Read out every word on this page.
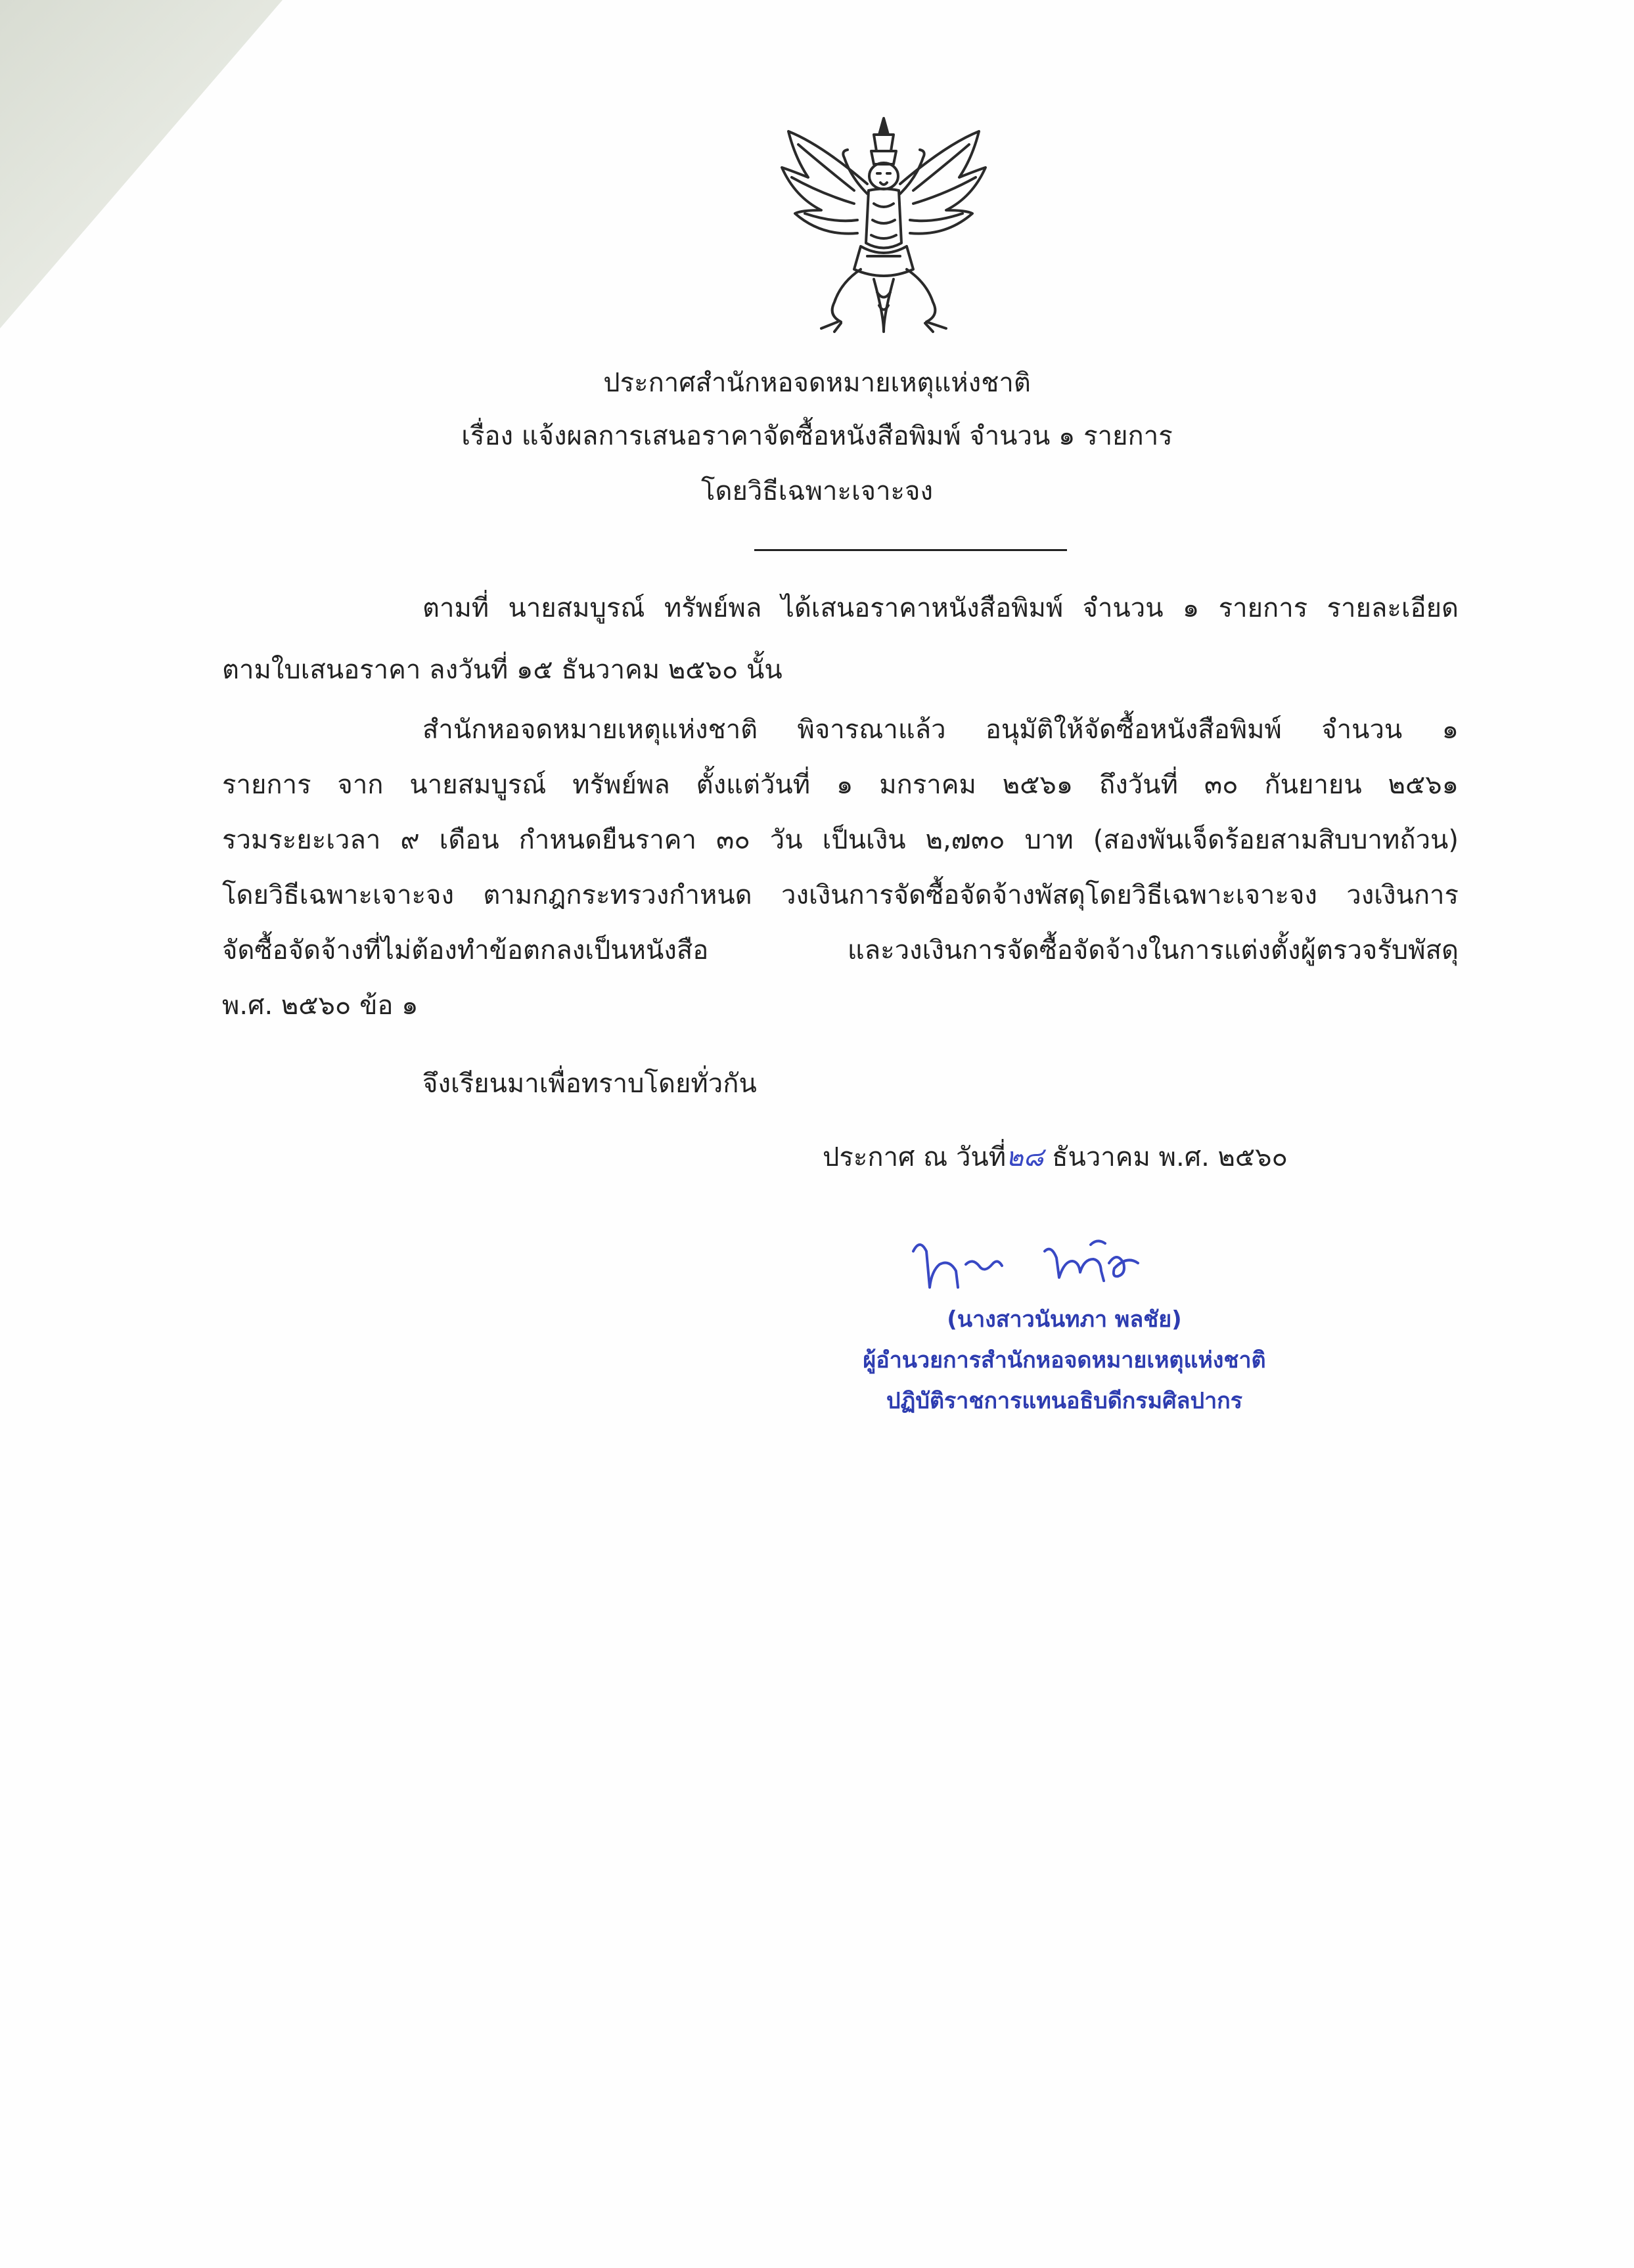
ประกาศสำนักหอจดหมายเหตุแห่งชาติ
เรื่อง แจ้งผลการเสนอราคาจัดซื้อหนังสือพิมพ์ จำนวน ๑ รายการ
โดยวิธีเฉพาะเจาะจง
ตามที่ นายสมบูรณ์ ทรัพย์พล ได้เสนอราคาหนังสือพิมพ์ จำนวน ๑ รายการ รายละเอียด
ตามใบเสนอราคา ลงวันที่ ๑๕ ธันวาคม ๒๕๖๐ นั้น
สำนักหอจดหมายเหตุแห่งชาติ พิจารณาแล้ว อนุมัติให้จัดซื้อหนังสือพิมพ์ จำนวน ๑
รายการ จาก นายสมบูรณ์ ทรัพย์พล ตั้งแต่วันที่ ๑ มกราคม ๒๕๖๑ ถึงวันที่ ๓๐ กันยายน ๒๕๖๑
รวมระยะเวลา ๙ เดือน กำหนดยืนราคา ๓๐ วัน เป็นเงิน ๒,๗๓๐ บาท (สองพันเจ็ดร้อยสามสิบบาทถ้วน)
โดยวิธีเฉพาะเจาะจง ตามกฎกระทรวงกำหนด วงเงินการจัดซื้อจัดจ้างพัสดุโดยวิธีเฉพาะเจาะจง วงเงินการ
จัดซื้อจัดจ้างที่ไม่ต้องทำข้อตกลงเป็นหนังสือ และวงเงินการจัดซื้อจัดจ้างในการแต่งตั้งผู้ตรวจรับพัสดุ
พ.ศ. ๒๕๖๐ ข้อ ๑
จึงเรียนมาเพื่อทราบโดยทั่วกัน
ประกาศ ณ วันที่๒๘ ธันวาคม พ.ศ. ๒๕๖๐
(นางสาวนันทภา พลชัย)
ผู้อำนวยการสำนักหอจดหมายเหตุแห่งชาติ
ปฏิบัติราชการแทนอธิบดีกรมศิลปากร
